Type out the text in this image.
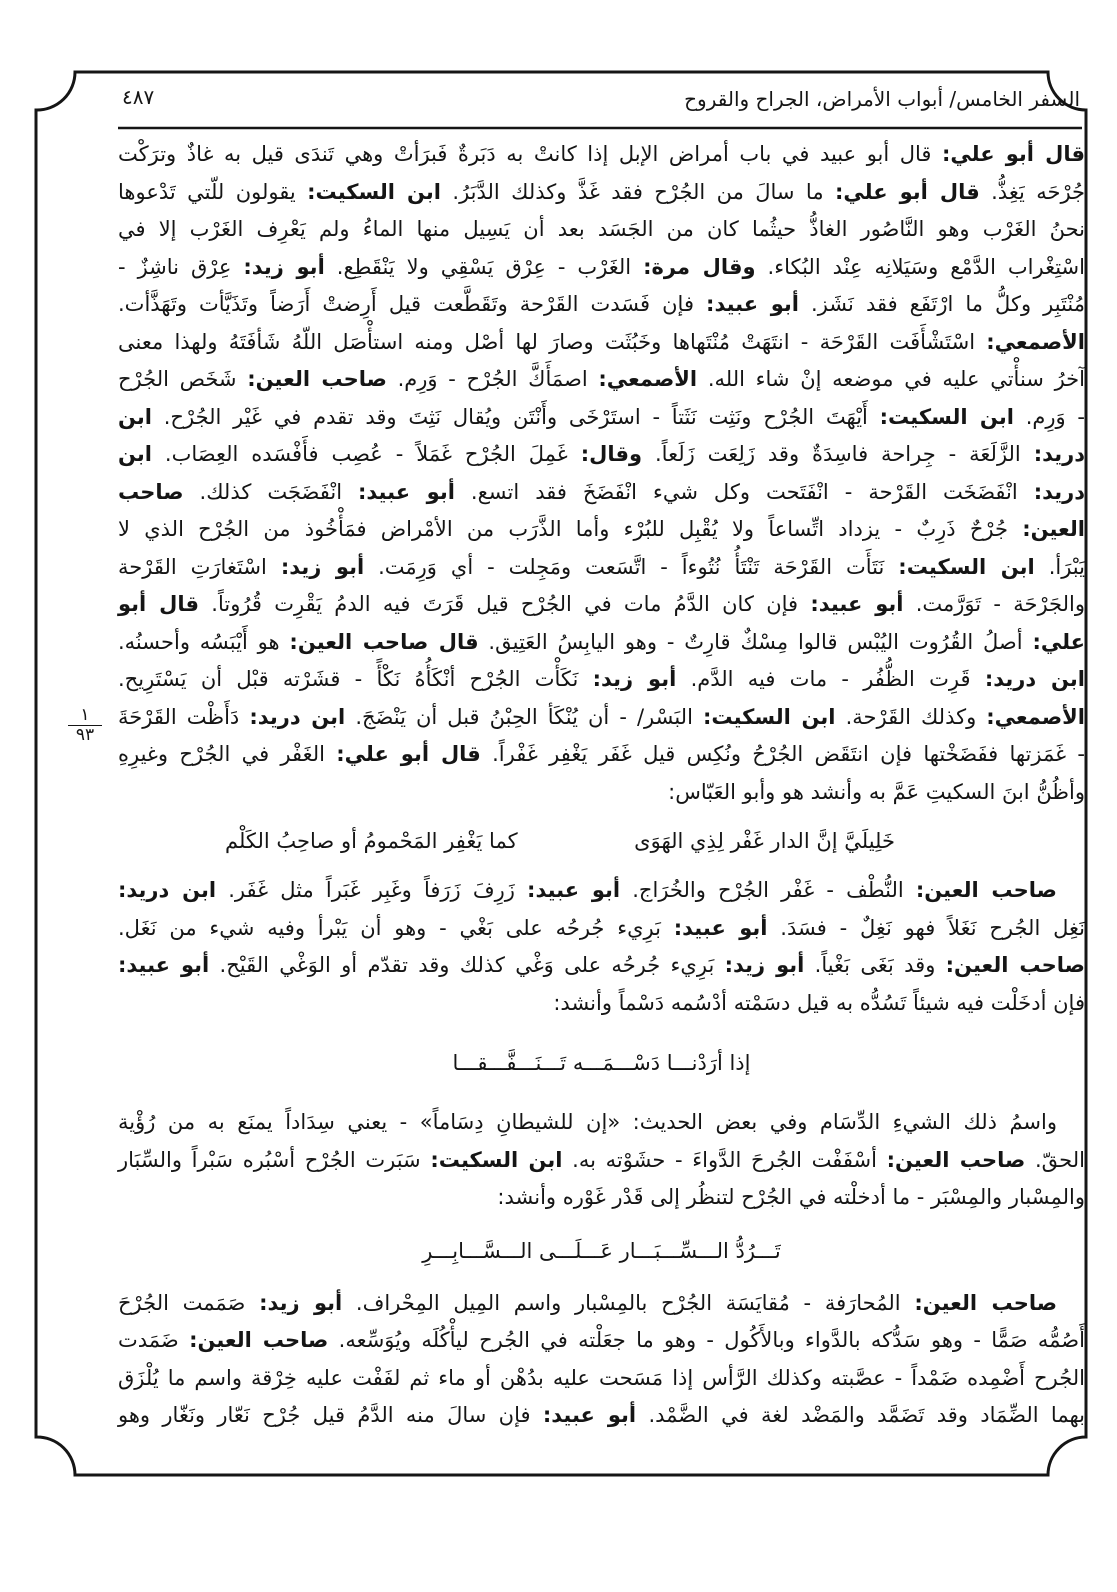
السفر الخامس/ أبواب الأمراض، الجراح والقروح
٤٨٧
١
٩٣
قال أبو علي: قال أبو عبيد في باب أمراض الإبل إذا كانتْ به دَبَرةٌ فَبرَأتْ وهي تَندَى قيل به غاذٌ وترَكْت
جُرْحَه يَغِذُّ. قال أبو علي: ما سالَ من الجُرْح فقد غَذَّ وكذلك الدَّبَرُ. ابن السكيت: يقولون للّتي تَدْعوها
نحنُ الغَرْب وهو النَّاصُور الغاذُّ حيثُما كان من الجَسَد بعد أن يَسِيل منها الماءُ ولم يَعْرِف الغَرْب إلا في
اسْتِغْراب الدَّمْع وسَيَلانِه عِنْد البُكاء. وقال مرة: الغَرْب - عِرْق يَسْقِي ولا يَنْقَطِع. أبو زيد: عِرْق ناشِزٌ -
مُنْتَبِر وكلُّ ما ارْتَفَع فقد نَشَز. أبو عبيد: فإن فَسَدت القَرْحة وتَقَطَّعت قيل أَرِضتْ أَرَضاً وتَذَيَّأت وتَهَذَّأت.
الأصمعي: اسْتَشْأَفَت القَرْحَة - انتَهَتْ مُنْتَهاها وخَبُثَت وصارَ لها أصْل ومنه استأْصَل اللّهُ شَأفَتَهُ ولهذا معنى
آخرُ سنأْتي عليه في موضعه إنْ شاء الله. الأصمعي: اصمَأَكَّ الجُرْح - وَرِم. صاحب العين: شَخَص الجُرْح
- وَرِم. ابن السكيت: أَيْهَتَ الجُرْح ونَثِت نَثَتاً - استَرْخَى وأَنْتَن ويُقال نَثِتَ وقد تقدم في غَيْر الجُرْح. ابن
دريد: الزَّلَعَة - جِراحة فاسِدَةٌ وقد زَلِعَت زَلَعاً. وقال: غَمِلَ الجُرْح غَمَلاً - عُصِب فأَفْسَده العِصَاب. ابن
دريد: انْفَضَخَت القَرْحة - انْفَتَحت وكل شيء انْفَضَخَ فقد اتسع. أبو عبيد: انْفَضَجَت كذلك. صاحب
العين: جُرْحٌ ذَرِبٌ - يزداد اتِّساعاً ولا يُقْبِل للبُرْء وأما الذَّرَب من الأمْراض فمَأْخُوذ من الجُرْح الذي لا
يَبْرَأ. ابن السكيت: نَتَأَت القَرْحَة تَنْتَأُ نُتُوءاً - اتَّسَعت ومَجِلت - أي وَرِمَت. أبو زيد: اسْتَغارَتِ القَرْحة
والجَرْحَة - تَوَرَّمت. أبو عبيد: فإن كان الدَّمُ مات في الجُرْح قيل قَرَتَ فيه الدمُ يَقْرِت قُرُوتاً. قال أبو
علي: أصلُ القُرُوت اليُبْس قالوا مِسْكٌ قارِتٌ - وهو اليابِسُ العَتِيق. قال صاحب العين: هو أَيْبَسُه وأحسنُه.
ابن دريد: قَرِت الظُّفُر - مات فيه الدَّم. أبو زيد: نَكَأْت الجُرْح أنْكَأُهُ نَكْأً - قشَرْته قبْل أن يَسْتَرِيح.
الأصمعي: وكذلك القَرْحة. ابن السكيت: البَسْر/ - أن يُنْكَأ الحِبْنُ قبل أن يَنْضَجَ. ابن دريد: دَأَظْت القَرْحَةَ
- غَمَزتها ففَضَخْتها فإن انتَقَض الجُرْحُ ونُكِس قيل غَفَر يَغْفِر غَفْراً. قال أبو علي: الغَفْر في الجُرْح وغيرِهِ
وأظُنُّ ابنَ السكيتِ عَمَّ به وأنشد هو وأبو العَبّاس:
خَلِيلَيَّ إنَّ الدار غَفْر لِذِي الهَوَى
كما يَغْفِر المَحْمومُ أو صاحِبُ الكَلْم
صاحب العين: النُّطْف - غَفْر الجُرْح والخُرَاج. أبو عبيد: زَرِفَ زَرَفاً وغَبِر غَبَراً مثل غَفَر. ابن دريد:
نَغِل الجُرح نَغَلاً فهو نَغِلٌ - فسَدَ. أبو عبيد: بَرِيء جُرحُه على بَغْي - وهو أن يَبْرأ وفيه شيء من نَغَل.
صاحب العين: وقد بَغَى بَغْياً. أبو زيد: بَرِيء جُرحُه على وَغْي كذلك وقد تقدّم أو الوَغْي القَيْح. أبو عبيد:
فإن أدخَلْت فيه شيئاً تَسُدُّه به قيل دسَمْته أدْسُمه دَسْماً وأنشد:
إذا أرَدْنـــا دَسْـــمَـــه تَـــنَـــفَّـــقـــا
واسمُ ذلك الشيءِ الدِّسَام وفي بعض الحديث: «إن للشيطانِ دِسَاماً» - يعني سِدَاداً يمنَع به من رُؤْية
الحقّ. صاحب العين: أسْفَفْت الجُرحَ الدَّواءَ - حشَوْته به. ابن السكيت: سَبَرت الجُرْح أسْبُره سَبْراً والسِّبَار
والمِسْبار والمِسْبَر - ما أدخلْته في الجُرْح لتنظُر إلى قَدْر غَوْره وأنشد:
تَـــرُدُّ الـــسِّـــبَـــار عَـــلَـــى الـــسَّـــابِـــرِ
صاحب العين: المُحارَفة - مُقايَسَة الجُرْح بالمِسْبار واسم المِيل المِحْراف. أبو زيد: صَمَمت الجُرْحَ
أَصُمُّه صَمًّا - وهو سَدُّكه بالدَّواء وبالأَكُول - وهو ما جعَلْته في الجُرح ليأْكُلَه ويُوَسِّعه. صاحب العين: ضَمَدت
الجُرح أَضْمِده ضَمْداً - عصَّبته وكذلك الرَّأس إذا مَسَحت عليه بدُهْن أو ماء ثم لفَفْت عليه خِرْقة واسم ما يُلْزَق
بهما الضِّمَاد وقد تَضَمَّد والمَضْد لغة في الضَّمْد. أبو عبيد: فإن سالَ منه الدَّمُ قيل جُرْح نَعّار ونَغّار وهو
